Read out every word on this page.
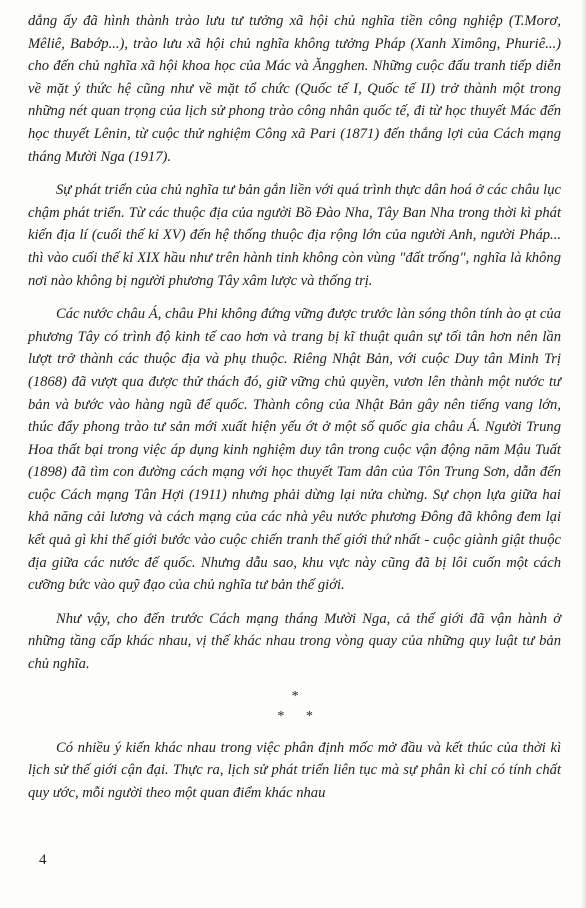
dẳng ấy đã hình thành trào lưu tư tưởng xã hội chủ nghĩa tiền công nghiệp (T.Morơ, Mêliê, Babớp...), trào lưu xã hội chủ nghĩa không tưởng Pháp (Xanh Ximông, Phuriê...) cho đến chủ nghĩa xã hội khoa học của Mác và Ăngghen. Những cuộc đấu tranh tiếp diễn về mặt ý thức hệ cũng như về mặt tổ chức (Quốc tế I, Quốc tế II) trở thành một trong những nét quan trọng của lịch sử phong trào công nhân quốc tế, đi từ học thuyết Mác đến học thuyết Lênin, từ cuộc thử nghiệm Công xã Pari (1871) đến thắng lợi của Cách mạng tháng Mười Nga (1917).

Sự phát triển của chủ nghĩa tư bản gắn liền với quá trình thực dân hoá ở các châu lục chậm phát triển. Từ các thuộc địa của người Bồ Đào Nha, Tây Ban Nha trong thời kì phát kiến địa lí (cuối thế kỉ XV) đến hệ thống thuộc địa rộng lớn của người Anh, người Pháp... thì vào cuối thế kỉ XIX hầu như trên hành tinh không còn vùng "đất trống", nghĩa là không nơi nào không bị người phương Tây xâm lược và thống trị.

Các nước châu Á, châu Phi không đứng vững được trước làn sóng thôn tính ào ạt của phương Tây có trình độ kinh tế cao hơn và trang bị kĩ thuật quân sự tối tân hơn nên lần lượt trở thành các thuộc địa và phụ thuộc. Riêng Nhật Bản, với cuộc Duy tân Minh Trị (1868) đã vượt qua được thử thách đó, giữ vững chủ quyền, vươn lên thành một nước tư bản và bước vào hàng ngũ đế quốc. Thành công của Nhật Bản gây nên tiếng vang lớn, thúc đẩy phong trào tư sản mới xuất hiện yếu ớt ở một số quốc gia châu Á. Người Trung Hoa thất bại trong việc áp dụng kinh nghiệm duy tân trong cuộc vận động năm Mậu Tuất (1898) đã tìm con đường cách mạng với học thuyết Tam dân của Tôn Trung Sơn, dẫn đến cuộc Cách mạng Tân Hợi (1911) nhưng phải dừng lại nửa chừng. Sự chọn lựa giữa hai khả năng cải lương và cách mạng của các nhà yêu nước phương Đông đã không đem lại kết quả gì khi thế giới bước vào cuộc chiến tranh thế giới thứ nhất - cuộc giành giật thuộc địa giữa các nước đế quốc. Nhưng dẫu sao, khu vực này cũng đã bị lôi cuốn một cách cưỡng bức vào quỹ đạo của chủ nghĩa tư bản thế giới.

Như vậy, cho đến trước Cách mạng tháng Mười Nga, cả thế giới đã vận hành ở những tầng cấp khác nhau, vị thế khác nhau trong vòng quay của những quy luật tư bản chủ nghĩa.

*
* *

Có nhiều ý kiến khác nhau trong việc phân định mốc mở đầu và kết thúc của thời kì lịch sử thế giới cận đại. Thực ra, lịch sử phát triển liên tục mà sự phân kì chỉ có tính chất quy ước, mỗi người theo một quan điểm khác nhau

4
